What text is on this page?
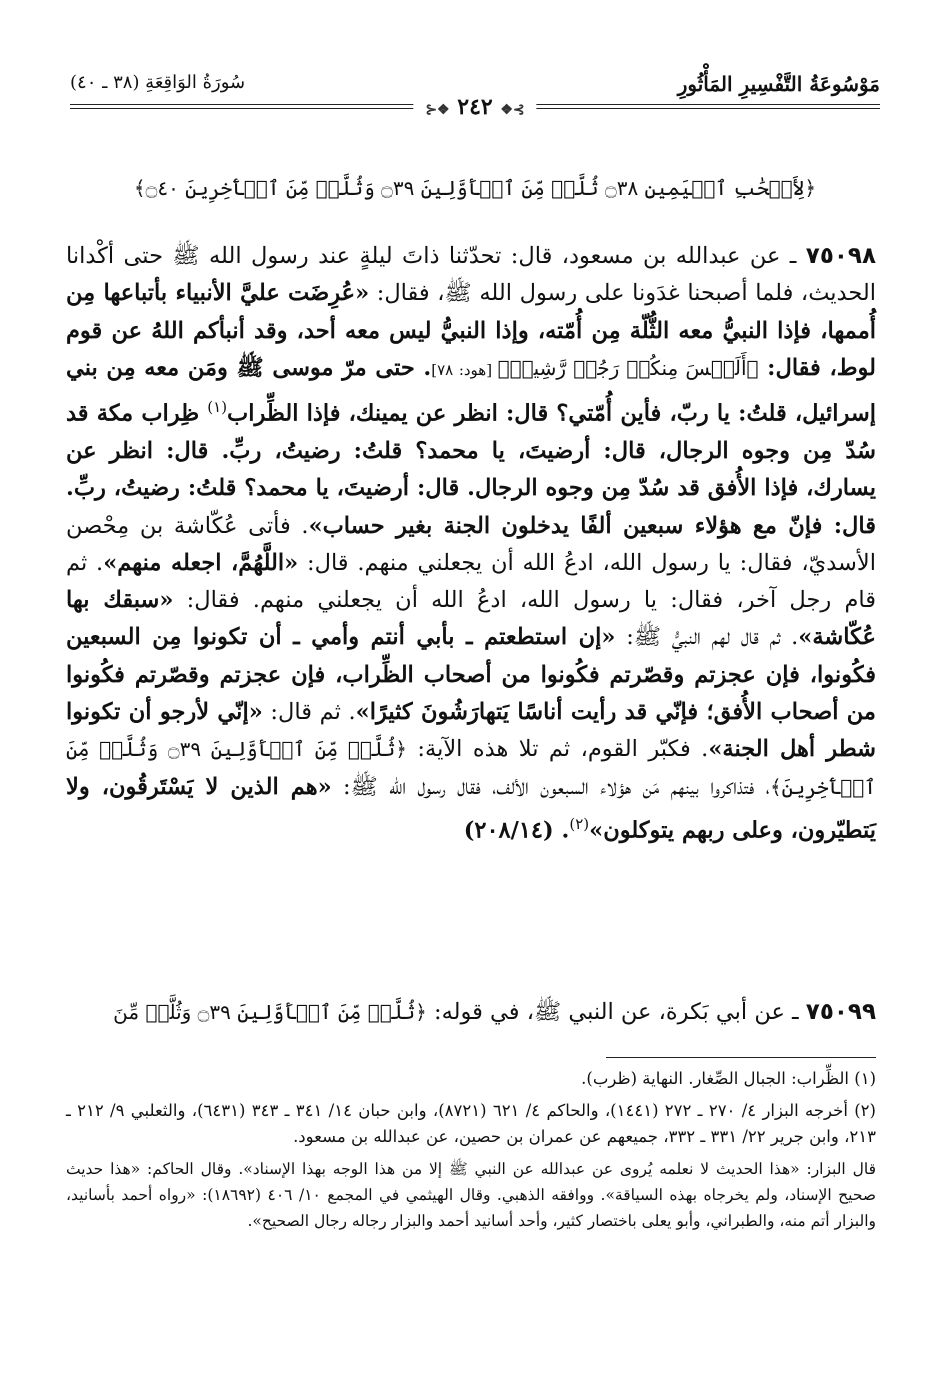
مَوْسُوعَةُ التَّفْسِيرِ المَأْثُورِ
سُورَةُ الوَاقِعَةِ (٣٨ ـ ٤٠)
⊱❖ ٢٤٢ ❖⊰
﴿لِأَصۡحَٰبِ ٱلۡيَمِينِ ۝٣٨ ثُلَّةٞ مِّنَ ٱلۡأَوَّلِينَ ۝٣٩ وَثُلَّةٞ مِّنَ ٱلۡأٓخِرِينَ ۝٤٠﴾

٧٥٠٩٨ ـ عن عبدالله بن مسعود، قال: تحدّثنا ذاتَ ليلةٍ عند رسول الله ﷺ حتى أكْدانا الحديث، فلما أصبحنا غدَونا على رسول الله ﷺ، فقال: «عُرِضَت عليَّ الأنبياء بأتباعها مِن أُممها، فإذا النبيُّ معه الثُّلّة مِن أُمّته، وإذا النبيُّ ليس معه أحد، وقد أنبأكم اللهُ عن قوم لوط، فقال: ﴿أَلَيۡسَ مِنكُمۡ رَجُلٞ رَّشِيدٞ﴾ [هود: ٧٨]. حتى مرّ موسى ﷺ ومَن معه مِن بني إسرائيل، قلتُ: يا ربّ، فأين أُمّتي؟ قال: انظر عن يمينك، فإذا الظِّراب$^{(١)}$ ظِراب مكة قد سُدّ مِن وجوه الرجال، قال: أرضيتَ، يا محمد؟ قلتُ: رضيتُ، ربِّ. قال: انظر عن يسارك، فإذا الأُفق قد سُدّ مِن وجوه الرجال. قال: أرضيتَ، يا محمد؟ قلتُ: رضيتُ، ربِّ. قال: فإنّ مع هؤلاء سبعين ألفًا يدخلون الجنة بغير حساب». فأتى عُكّاشة بن مِحْصن الأسديّ، فقال: يا رسول الله، ادعُ الله أن يجعلني منهم. قال: «اللَّهُمَّ، اجعله منهم». ثم قام رجل آخر، فقال: يا رسول الله، ادعُ الله أن يجعلني منهم. فقال: «سبقك بها عُكّاشة». ثم قال لهم النبيُّ ﷺ: «إن استطعتم ـ بأبي أنتم وأمي ـ أن تكونوا مِن السبعين فكُونوا، فإن عجزتم وقصّرتم فكُونوا من أصحاب الظِّراب، فإن عجزتم وقصّرتم فكُونوا من أصحاب الأُفق؛ فإنّي قد رأيت أناسًا يَتهارَشُونَ كثيرًا». ثم قال: «إنّي لأرجو أن تكونوا شطر أهل الجنة». فكبّر القوم، ثم تلا هذه الآية: ﴿ثُلَّةٞ مِّنَ ٱلۡأَوَّلِينَ ۝٣٩ وَثُلَّةٞ مِّنَ ٱلۡأٓخِرِينَ﴾، فتذاكروا بينهم مَن هؤلاء السبعون الألف، فقال رسول الله ﷺ: «هم الذين لا يَسْتَرقُون، ولا يَتطيّرون، وعلى ربهم يتوكلون»$^{(٢)}$. (٢٠٨/١٤)

٧٥٠٩٩ ـ عن أبي بَكرة، عن النبي ﷺ، في قوله: ﴿ثُلَّةٞ مِّنَ ٱلۡأَوَّلِينَ ۝٣٩ وَثُلَّةٞ مِّنَ

(١) الظِّراب: الجبال الصِّغار. النهاية (ظرب).

(٢) أخرجه البزار ٤/ ٢٧٠ ـ ٢٧٢ (١٤٤١)، والحاكم ٤/ ٦٢١ (٨٧٢١)، وابن حبان ١٤/ ٣٤١ ـ ٣٤٣ (٦٤٣١)، والثعلبي ٩/ ٢١٢ ـ ٢١٣، وابن جرير ٢٢/ ٣٣١ ـ ٣٣٢، جميعهم عن عمران بن حصين، عن عبدالله بن مسعود.

قال البزار: «هذا الحديث لا نعلمه يُروى عن عبدالله عن النبي ﷺ إلا من هذا الوجه بهذا الإسناد». وقال الحاكم: «هذا حديث صحيح الإسناد، ولم يخرجاه بهذه السياقة». ووافقه الذهبي. وقال الهيثمي في المجمع ١٠/ ٤٠٦ (١٨٦٩٢): «رواه أحمد بأسانيد، والبزار أتم منه، والطبراني، وأبو يعلى باختصار كثير، وأحد أسانيد أحمد والبزار رجاله رجال الصحيح».
